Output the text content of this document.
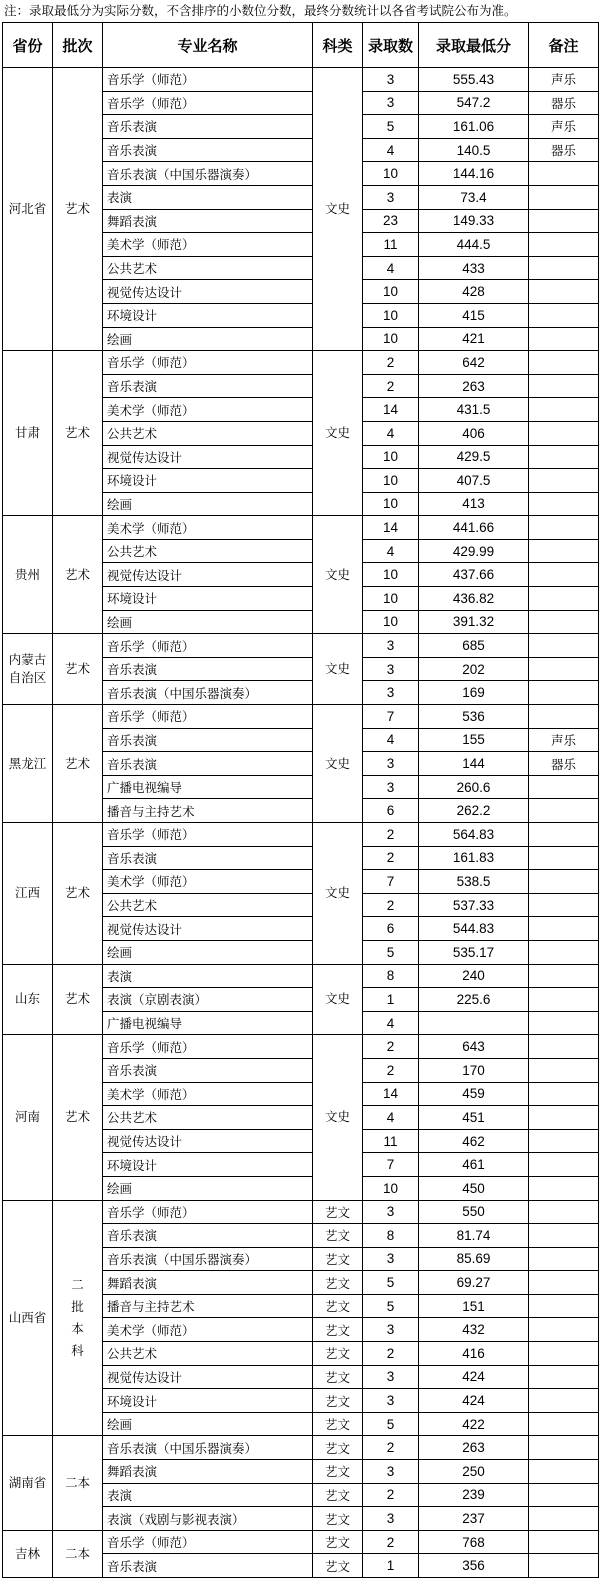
注：录取最低分为实际分数，不含排序的小数位分数，最终分数统计以各省考试院公布为准。
省份	批次	专业名称	科类	录取数	录取最低分	备注
河北省	艺术	音乐学（师范）	文史	3	555.43	声乐
		音乐学（师范）		3	547.2	器乐
		音乐表演		5	161.06	声乐
		音乐表演		4	140.5	器乐
		音乐表演（中国乐器演奏）		10	144.16	
		表演		3	73.4	
		舞蹈表演		23	149.33	
		美术学（师范）		11	444.5	
		公共艺术		4	433	
		视觉传达设计		10	428	
		环境设计		10	415	
		绘画		10	421	
甘肃	艺术	音乐学（师范）	文史	2	642	
		音乐表演		2	263	
		美术学（师范）		14	431.5	
		公共艺术		4	406	
		视觉传达设计		10	429.5	
		环境设计		10	407.5	
		绘画		10	413	
贵州	艺术	美术学（师范）	文史	14	441.66	
		公共艺术		4	429.99	
		视觉传达设计		10	437.66	
		环境设计		10	436.82	
		绘画		10	391.32	
内蒙古自治区	艺术	音乐学（师范）	文史	3	685	
		音乐表演		3	202	
		音乐表演（中国乐器演奏）		3	169	
黑龙江	艺术	音乐学（师范）	文史	7	536	
		音乐表演		4	155	声乐
		音乐表演		3	144	器乐
		广播电视编导		3	260.6	
		播音与主持艺术		6	262.2	
江西	艺术	音乐学（师范）	文史	2	564.83	
		音乐表演		2	161.83	
		美术学（师范）		7	538.5	
		公共艺术		2	537.33	
		视觉传达设计		6	544.83	
		绘画		5	535.17	
山东	艺术	表演	文史	8	240	
		表演（京剧表演）		1	225.6	
		广播电视编导		4		
河南	艺术	音乐学（师范）	文史	2	643	
		音乐表演		2	170	
		美术学（师范）		14	459	
		公共艺术		4	451	
		视觉传达设计		11	462	
		环境设计		7	461	
		绘画		10	450	
山西省	二批本科	音乐学（师范）	艺文	3	550	
		音乐表演	艺文	8	81.74	
		音乐表演（中国乐器演奏）	艺文	3	85.69	
		舞蹈表演	艺文	5	69.27	
		播音与主持艺术	艺文	5	151	
		美术学（师范）	艺文	3	432	
		公共艺术	艺文	2	416	
		视觉传达设计	艺文	3	424	
		环境设计	艺文	3	424	
		绘画	艺文	5	422	
湖南省	二本	音乐表演（中国乐器演奏）	艺文	2	263	
		舞蹈表演	艺文	3	250	
		表演	艺文	2	239	
		表演（戏剧与影视表演）	艺文	3	237	
吉林	二本	音乐学（师范）	艺文	2	768	
		音乐表演	艺文	1	356	
